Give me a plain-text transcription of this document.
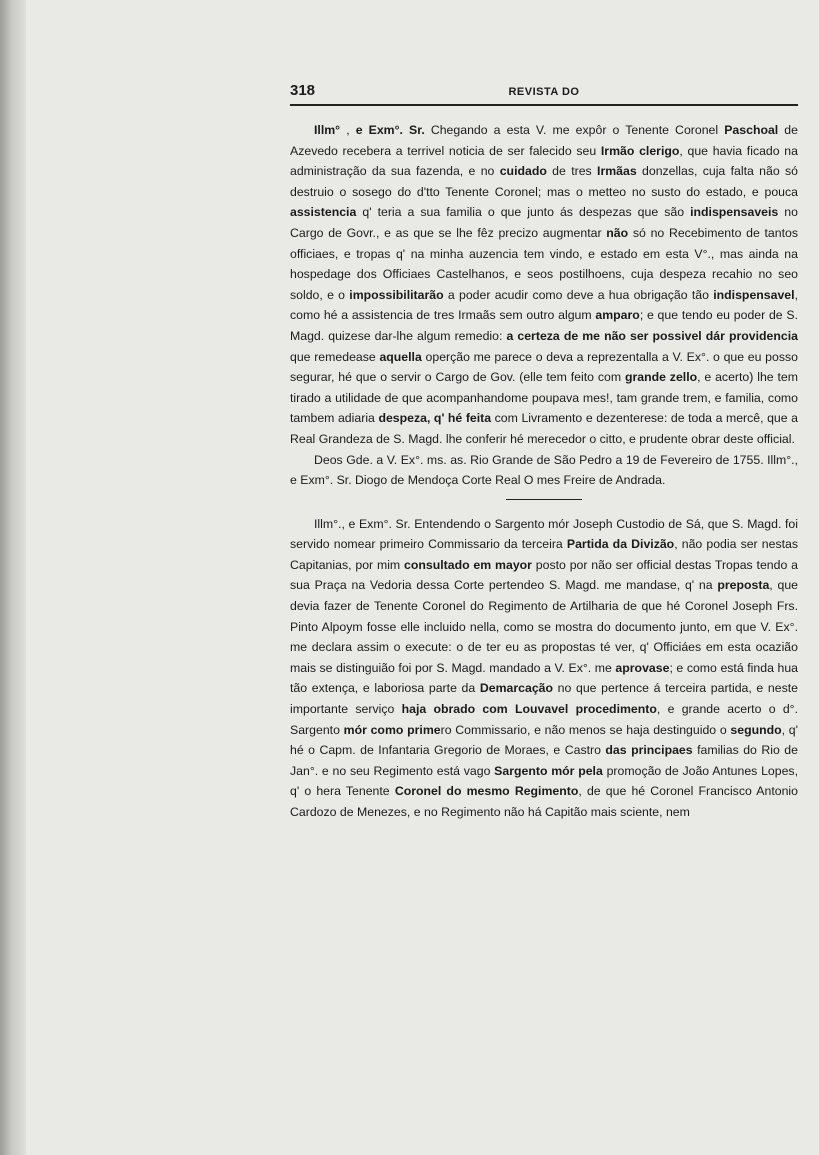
318	REVISTA DO

Illm° , e Exm°. Sr. Chegando a esta V. me expôr o Tenente Coronel Paschoal de Azevedo recebera a terrivel noticia de ser falecido seu Irmão clerigo, que havia ficado na administração da sua fazenda, e no cuidado de tres Irmãas donzellas, cuja falta não só destruio o sosego do d'tto Tenente Coronel; mas o metteo no susto do estado, e pouca assistencia q' teria a sua familia o que junto ás despezas que são indispensaveis no Cargo de Govr., e as que se lhe fêz precizo augmentar não só no Recebimento de tantos officiaes, e tropas q' na minha auzencia tem vindo, e estado em esta V°., mas ainda na hospedage dos Officiaes Castelhanos, e seos postilhoens, cuja despeza recahio no seo soldo, e o impossibilitarão a poder acudir como deve a hua obrigação tão indispensavel, como hé a assistencia de tres Irmaãs sem outro algum amparo; e que tendo eu poder de S. Magd. quizese dar-lhe algum remedio: a certeza de me não ser possivel dár providencia que remedease aquella operção me parece o deva a reprezentalla a V. Ex°. o que eu posso segurar, hé que o servir o Cargo de Gov. (elle tem feito com grande zello, e acerto) lhe tem tirado a utilidade de que acompanhandome poupava mes!, tam grande trem, e familia, como tambem adiaria despeza, q' hé feita com Livramento e dezenterese: de toda a mercê, que a Real Grandeza de S. Magd. lhe conferir hé merecedor o citto, e prudente obrar deste official.

Deos Gde. a V. Ex°. ms. as. Rio Grande de São Pedro a 19 de Fevereiro de 1755. Illm°., e Exm°. Sr. Diogo de Mendoça Corte Real O mes Freire de Andrada.

Illm°., e Exm°. Sr. Entendendo o Sargento mór Joseph Custodio de Sá, que S. Magd. foi servido nomear primeiro Commissario da terceira Partida da Divizão, não podia ser nestas Capitanias, por mim consultado em mayor posto por não ser official destas Tropas tendo a sua Praça na Vedoria dessa Corte pertendeo S. Magd. me mandase, q' na preposta, que devia fazer de Tenente Coronel do Regimento de Artilharia de que hé Coronel Joseph Frs. Pinto Alpoym fosse elle incluido nella, como se mostra do documento junto, em que V. Ex°. me declara assim o execute: o de ter eu as propostas té ver, q' Officiáes em esta ocazião mais se distinguião foi por S. Magd. mandado a V. Ex°. me aprovase; e como está finda hua tão extença, e laboriosa parte da Demarcação no que pertence á terceira partida, e neste importante serviço haja obrado com Louvavel procedimento, e grande acerto o d°. Sargento mór como primero Commissario, e não menos se haja destinguido o segundo, q' hé o Capm. de Infantaria Gregorio de Moraes, e Castro das principaes familias do Rio de Jan°. e no seu Regimento está vago Sargento mór pela promoção de João Antunes Lopes, q' o hera Tenente Coronel do mesmo Regimento, de que hé Coronel Francisco Antonio Cardozo de Menezes, e no Regimento não há Capitão mais sciente, nem
